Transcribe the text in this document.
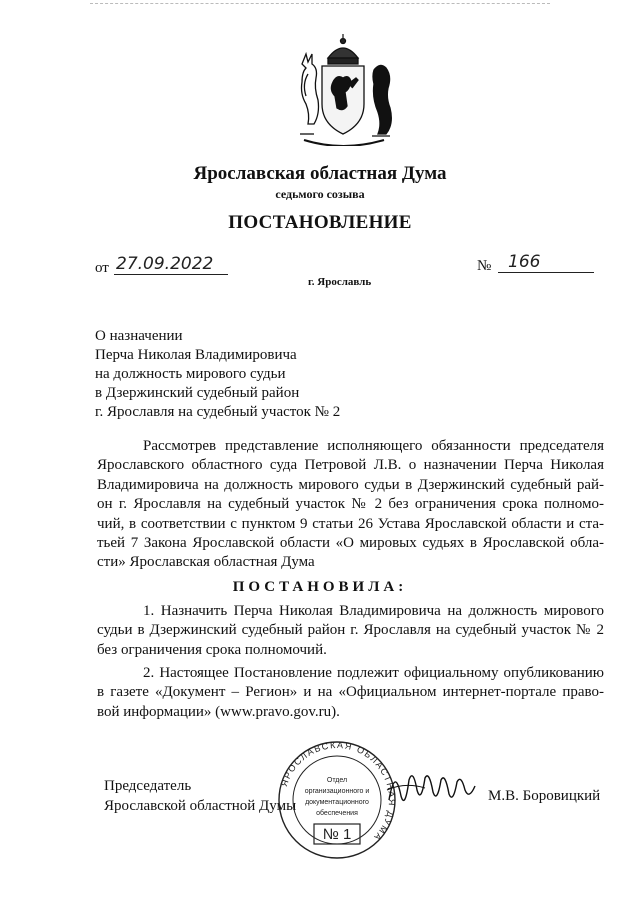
Ярославская областная Дума
седьмого созыва
ПОСТАНОВЛЕНИЕ
от 27.09.2022
г. Ярославль
№ 166
О назначении
Перча Николая Владимировича
на должность мирового судьи
в Дзержинский судебный район
г. Ярославля на судебный участок № 2
Рассмотрев представление исполняющего обязанности председателя
Ярославского областного суда Петровой Л.В. о назначении Перча Николая
Владимировича на должность мирового судьи в Дзержинский судебный рай-
он г. Ярославля на судебный участок № 2 без ограничения срока полномо-
чий, в соответствии с пунктом 9 статьи 26 Устава Ярославской области и ста-
тьей 7 Закона Ярославской области «О мировых судьях в Ярославской обла-
сти» Ярославская областная Дума
ПОСТАНОВИЛА:
1. Назначить Перча Николая Владимировича на должность мирового
судьи в Дзержинский судебный район г. Ярославля на судебный участок № 2
без ограничения срока полномочий.
2. Настоящее Постановление подлежит официальному опубликованию
в газете «Документ – Регион» и на «Официальном интернет-портале право-
вой информации» (www.pravo.gov.ru).
Председатель
Ярославской областной Думы
ЯРОСЛАВСКАЯ ОБЛАСТНАЯ ДУМА
Отдел
организационного и
документационного
обеспечения
№ 1
М.В. Боровицкий
